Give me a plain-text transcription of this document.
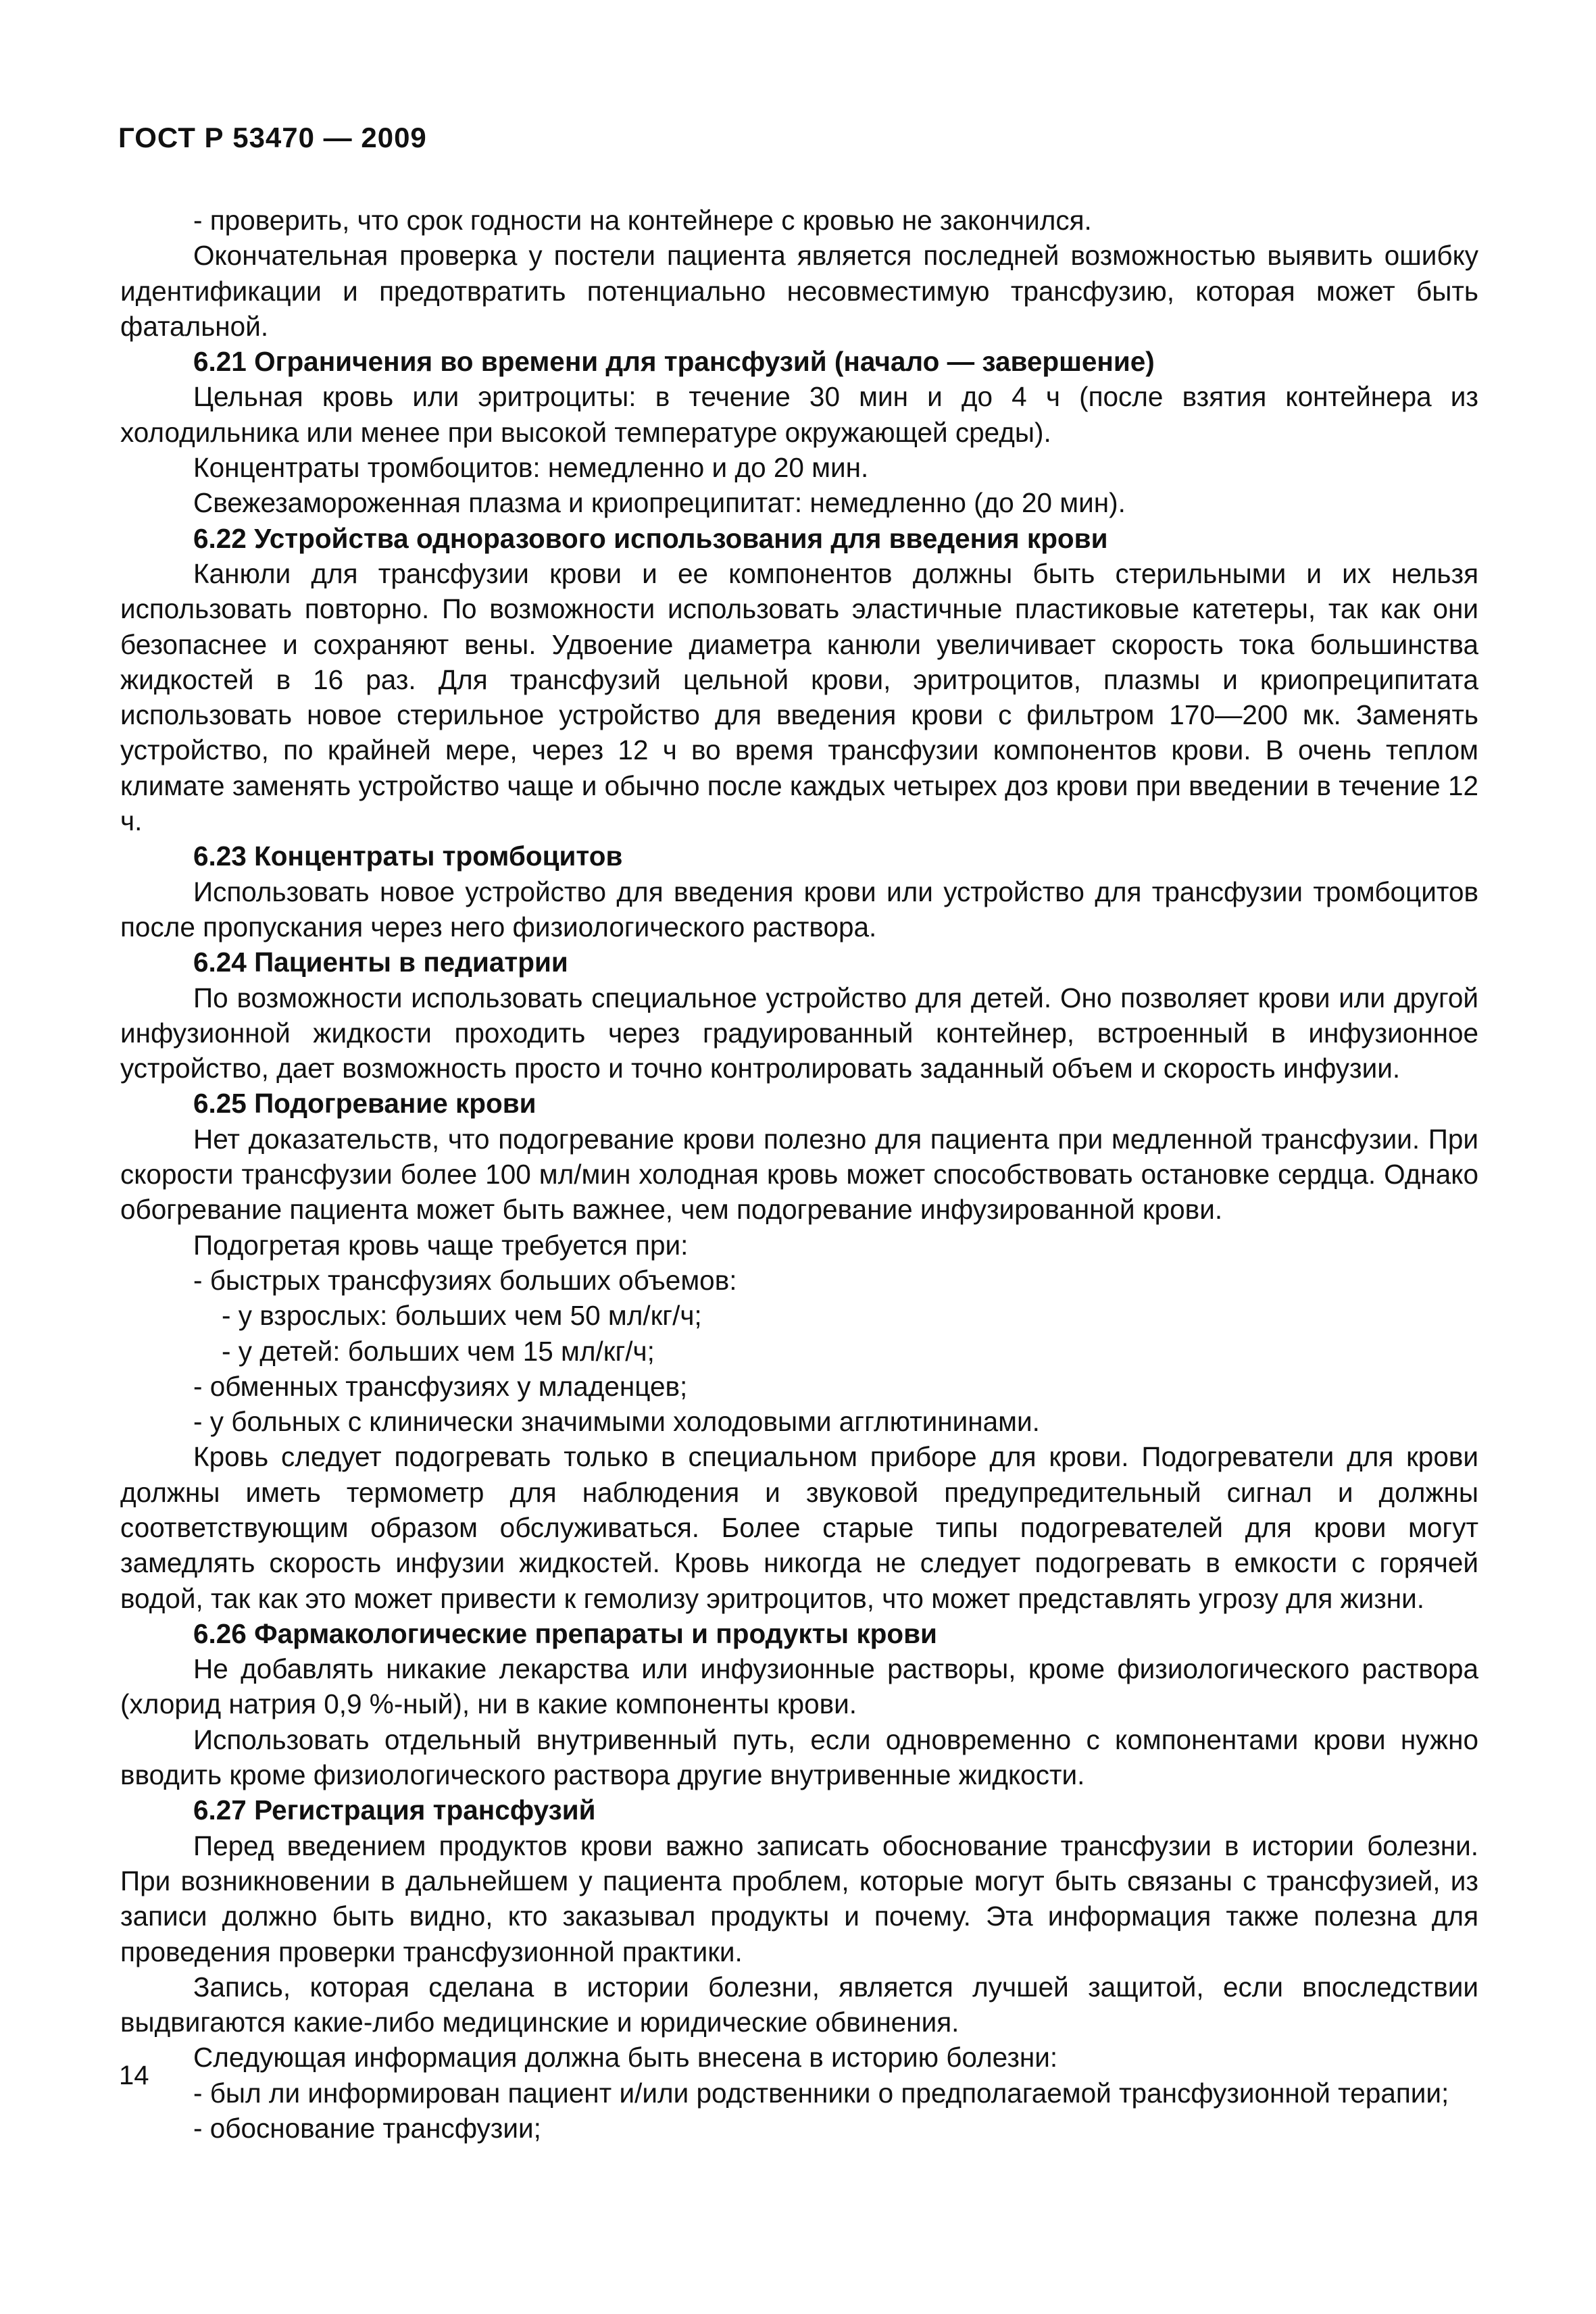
ГОСТ Р 53470 — 2009

- проверить, что срок годности на контейнере с кровью не закончился.

Окончательная проверка у постели пациента является последней возможностью выявить ошибку идентификации и предотвратить потенциально несовместимую трансфузию, которая может быть фатальной.

6.21 Ограничения во времени для трансфузий (начало — завершение)

Цельная кровь или эритроциты: в течение 30 мин и до 4 ч (после взятия контейнера из холодильника или менее при высокой температуре окружающей среды).

Концентраты тромбоцитов: немедленно и до 20 мин.

Свежезамороженная плазма и криопреципитат: немедленно (до 20 мин).

6.22 Устройства одноразового использования для введения крови

Канюли для трансфузии крови и ее компонентов должны быть стерильными и их нельзя использовать повторно. По возможности использовать эластичные пластиковые катетеры, так как они безопаснее и сохраняют вены. Удвоение диаметра канюли увеличивает скорость тока большинства жидкостей в 16 раз. Для трансфузий цельной крови, эритроцитов, плазмы и криопреципитата использовать новое стерильное устройство для введения крови с фильтром 170—200 мк. Заменять устройство, по крайней мере, через 12 ч во время трансфузии компонентов крови. В очень теплом климате заменять устройство чаще и обычно после каждых четырех доз крови при введении в течение 12 ч.

6.23 Концентраты тромбоцитов

Использовать новое устройство для введения крови или устройство для трансфузии тромбоцитов после пропускания через него физиологического раствора.

6.24 Пациенты в педиатрии

По возможности использовать специальное устройство для детей. Оно позволяет крови или другой инфузионной жидкости проходить через градуированный контейнер, встроенный в инфузионное устройство, дает возможность просто и точно контролировать заданный объем и скорость инфузии.

6.25 Подогревание крови

Нет доказательств, что подогревание крови полезно для пациента при медленной трансфузии. При скорости трансфузии более 100 мл/мин холодная кровь может способствовать остановке сердца. Однако обогревание пациента может быть важнее, чем подогревание инфузированной крови.

Подогретая кровь чаще требуется при:

- быстрых трансфузиях больших объемов:

- у взрослых: больших чем 50 мл/кг/ч;

- у детей: больших чем 15 мл/кг/ч;

- обменных трансфузиях у младенцев;

- у больных с клинически значимыми холодовыми агглютининами.

Кровь следует подогревать только в специальном приборе для крови. Подогреватели для крови должны иметь термометр для наблюдения и звуковой предупредительный сигнал и должны соответствующим образом обслуживаться. Более старые типы подогревателей для крови могут замедлять скорость инфузии жидкостей. Кровь никогда не следует подогревать в емкости с горячей водой, так как это может привести к гемолизу эритроцитов, что может представлять угрозу для жизни.

6.26 Фармакологические препараты и продукты крови

Не добавлять никакие лекарства или инфузионные растворы, кроме физиологического раствора (хлорид натрия 0,9 %-ный), ни в какие компоненты крови.

Использовать отдельный внутривенный путь, если одновременно с компонентами крови нужно вводить кроме физиологического раствора другие внутривенные жидкости.

6.27 Регистрация трансфузий

Перед введением продуктов крови важно записать обоснование трансфузии в истории болезни. При возникновении в дальнейшем у пациента проблем, которые могут быть связаны с трансфузией, из записи должно быть видно, кто заказывал продукты и почему. Эта информация также полезна для проведения проверки трансфузионной практики.

Запись, которая сделана в истории болезни, является лучшей защитой, если впоследствии выдвигаются какие-либо медицинские и юридические обвинения.

Следующая информация должна быть внесена в историю болезни:

- был ли информирован пациент и/или родственники о предполагаемой трансфузионной терапии;

- обоснование трансфузии;

14
